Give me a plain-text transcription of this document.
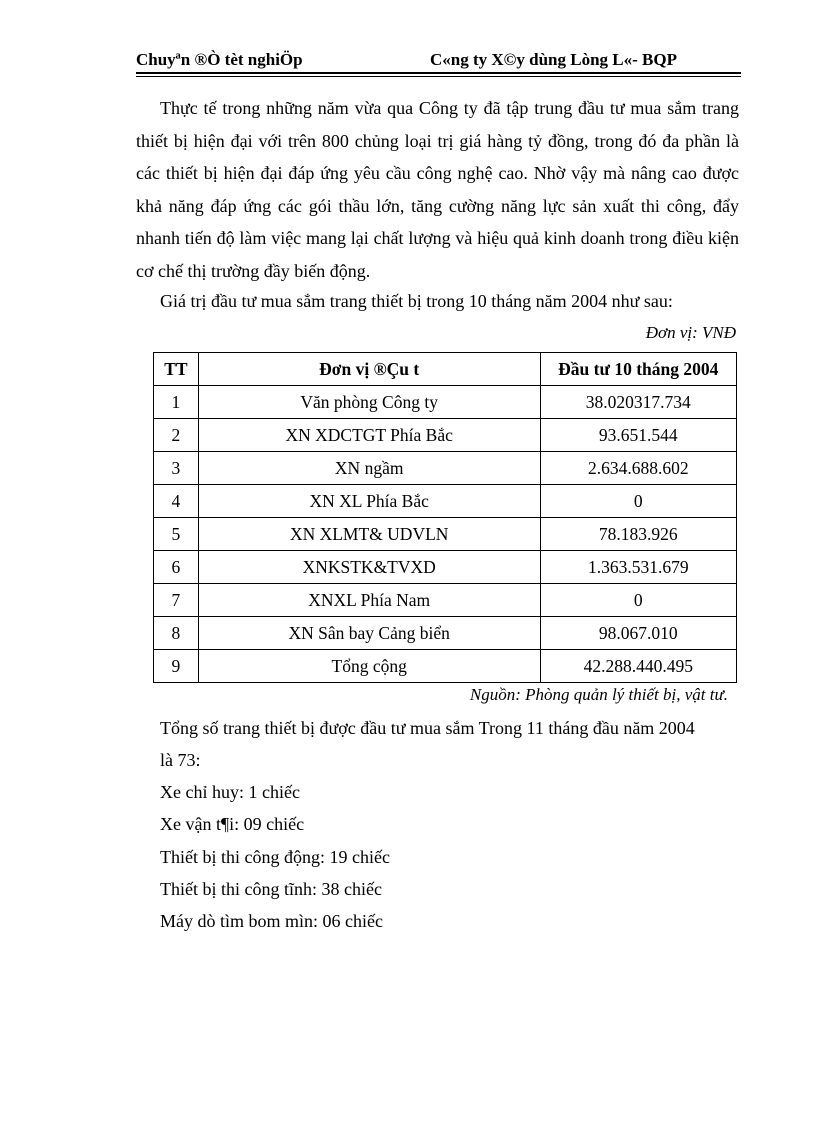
Chuyªn ®Ò tèt nghiÖp	C«ng ty X©y dùng Lòng L«- BQP
Thực tế trong những năm vừa qua Công ty đã tập trung đầu tư mua sắm trang thiết bị hiện đại với trên 800 chủng loại trị giá hàng tỷ đồng, trong đó đa phần là các thiết bị hiện đại đáp ứng yêu cầu công nghệ cao. Nhờ vậy mà nâng cao được khả năng đáp ứng các gói thầu lớn, tăng cường năng lực sản xuất thi công, đẩy nhanh tiến độ làm việc mang lại chất lượng và hiệu quả kinh doanh trong điều kiện cơ chế thị trường đầy biến động.
Giá trị đầu tư mua sắm trang thiết bị trong 10 tháng năm 2004 như sau:
Đơn vị: VNĐ
TT	Đơn vị ®Çu t	Đầu tư 10 tháng 2004
1	Văn phòng Công ty	38.020317.734
2	XN XDCTGT Phía Bắc	93.651.544
3	XN ngầm	2.634.688.602
4	XN XL Phía Bắc	0
5	XN XLMT& UDVLN	78.183.926
6	XNKSTK&TVXD	1.363.531.679
7	XNXL Phía Nam	0
8	XN Sân bay Cảng biển	98.067.010
9	Tổng cộng	42.288.440.495
Nguồn: Phòng quản lý thiết bị, vật tư.
Tổng số trang thiết bị được đầu tư mua sắm Trong 11 tháng đầu năm 2004
là 73:
Xe chỉ huy: 1 chiếc
Xe vận t¶i: 09 chiếc
Thiết bị thi công động: 19 chiếc
Thiết bị thi công tĩnh: 38 chiếc
Máy dò tìm bom mìn: 06 chiếc
